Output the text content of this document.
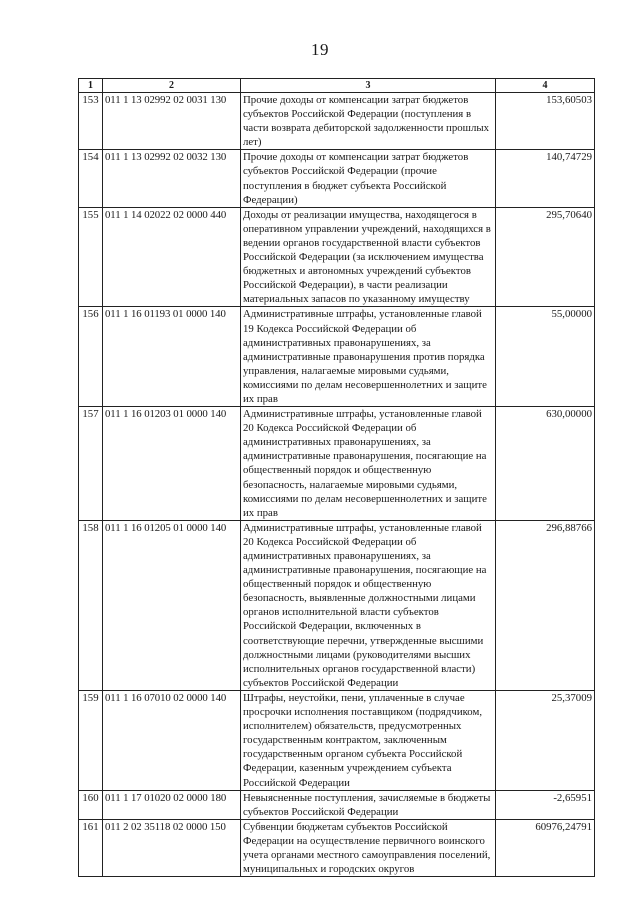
19
1	2	3	4
153	011 1 13 02992 02 0031 130	Прочие доходы от компенсации затрат бюджетов субъектов Российской Федерации (поступления в части возврата дебиторской задолженности прошлых лет)	153,60503
154	011 1 13 02992 02 0032 130	Прочие доходы от компенсации затрат бюджетов субъектов Российской Федерации (прочие поступления в бюджет субъекта Российской Федерации)	140,74729
155	011 1 14 02022 02 0000 440	Доходы от реализации имущества, находящегося в оперативном управлении учреждений, находящихся в ведении органов государственной власти субъектов Российской Федерации (за исключением имущества бюджетных и автономных учреждений субъектов Российской Федерации), в части реализации материальных запасов по указанному имуществу	295,70640
156	011 1 16 01193 01 0000 140	Административные штрафы, установленные главой 19 Кодекса Российской Федерации об административных правонарушениях, за административные правонарушения против порядка управления, налагаемые мировыми судьями, комиссиями по делам несовершеннолетних и защите их прав	55,00000
157	011 1 16 01203 01 0000 140	Административные штрафы, установленные главой 20 Кодекса Российской Федерации об административных правонарушениях, за административные правонарушения, посягающие на общественный порядок и общественную безопасность, налагаемые мировыми судьями, комиссиями по делам несовершеннолетних и защите их прав	630,00000
158	011 1 16 01205 01 0000 140	Административные штрафы, установленные главой 20 Кодекса Российской Федерации об административных правонарушениях, за административные правонарушения, посягающие на общественный порядок и общественную безопасность, выявленные должностными лицами органов исполнительной власти субъектов Российской Федерации, включенных в соответствующие перечни, утвержденные высшими должностными лицами (руководителями высших исполнительных органов государственной власти) субъектов Российской Федерации	296,88766
159	011 1 16 07010 02 0000 140	Штрафы, неустойки, пени, уплаченные в случае просрочки исполнения поставщиком (подрядчиком, исполнителем) обязательств, предусмотренных государственным контрактом, заключенным государственным органом субъекта Российской Федерации, казенным учреждением субъекта Российской Федерации	25,37009
160	011 1 17 01020 02 0000 180	Невыясненные поступления, зачисляемые в бюджеты субъектов Российской Федерации	-2,65951
161	011 2 02 35118 02 0000 150	Субвенции бюджетам субъектов Российской Федерации на осуществление первичного воинского учета органами местного самоуправления поселений, муниципальных и городских округов	60976,24791
